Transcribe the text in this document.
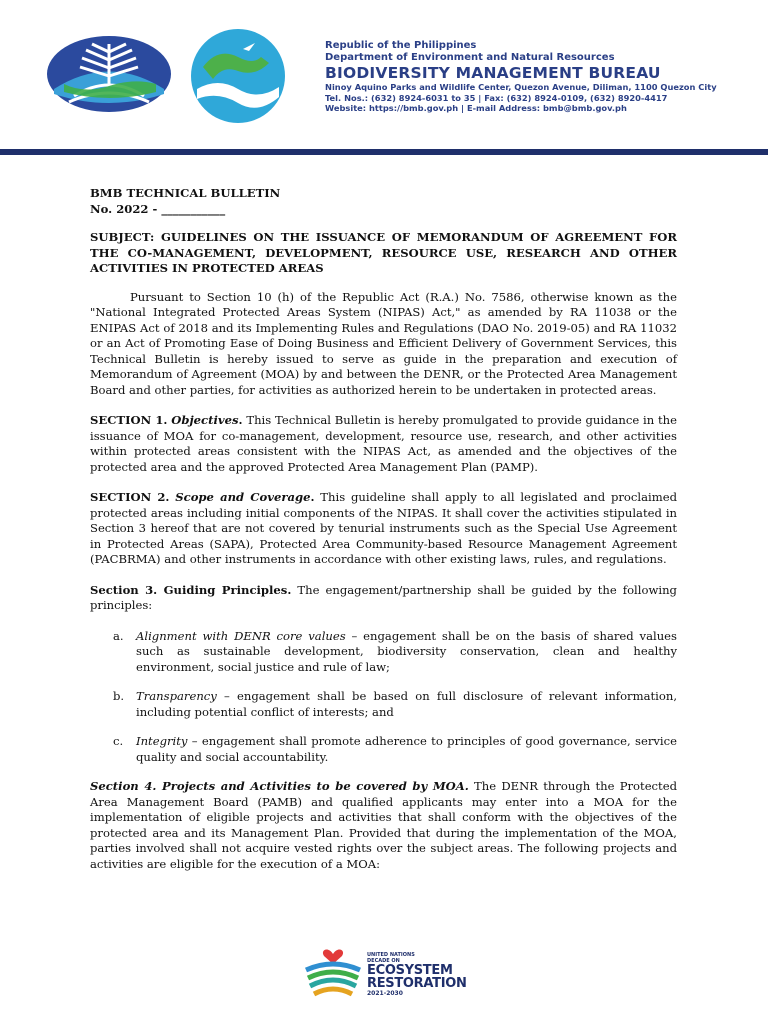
Republic of the Philippines
Department of Environment and Natural Resources
BIODIVERSITY MANAGEMENT BUREAU
Ninoy Aquino Parks and Wildlife Center, Quezon Avenue, Diliman, 1100 Quezon City
Tel. Nos.: (632) 8924-6031 to 35 | Fax: (632) 8924-0109, (632) 8920-4417
Website: https://bmb.gov.ph | E-mail Address: bmb@bmb.gov.ph

BMB TECHNICAL BULLETIN
No. 2022 - ___________

SUBJECT: GUIDELINES ON THE ISSUANCE OF MEMORANDUM OF AGREEMENT FOR THE CO-MANAGEMENT, DEVELOPMENT, RESOURCE USE, RESEARCH AND OTHER ACTIVITIES IN PROTECTED AREAS

Pursuant to Section 10 (h) of the Republic Act (R.A.) No. 7586, otherwise known as the "National Integrated Protected Areas System (NIPAS) Act," as amended by RA 11038 or the ENIPAS Act of 2018 and its Implementing Rules and Regulations (DAO No. 2019-05) and RA 11032 or an Act of Promoting Ease of Doing Business and Efficient Delivery of Government Services, this Technical Bulletin is hereby issued to serve as guide in the preparation and execution of Memorandum of Agreement (MOA) by and between the DENR, or the Protected Area Management Board and other parties, for activities as authorized herein to be undertaken in protected areas.

SECTION 1. Objectives. This Technical Bulletin is hereby promulgated to provide guidance in the issuance of MOA for co-management, development, resource use, research, and other activities within protected areas consistent with the NIPAS Act, as amended and the objectives of the protected area and the approved Protected Area Management Plan (PAMP).

SECTION 2. Scope and Coverage. This guideline shall apply to all legislated and proclaimed protected areas including initial components of the NIPAS. It shall cover the activities stipulated in Section 3 hereof that are not covered by tenurial instruments such as the Special Use Agreement in Protected Areas (SAPA), Protected Area Community-based Resource Management Agreement (PACBRMA) and other instruments in accordance with other existing laws, rules, and regulations.

Section 3. Guiding Principles. The engagement/partnership shall be guided by the following principles:

a. Alignment with DENR core values – engagement shall be on the basis of shared values such as sustainable development, biodiversity conservation, clean and healthy environment, social justice and rule of law;
b. Transparency – engagement shall be based on full disclosure of relevant information, including potential conflict of interests; and
c. Integrity – engagement shall promote adherence to principles of good governance, service quality and social accountability.

Section 4. Projects and Activities to be covered by MOA. The DENR through the Protected Area Management Board (PAMB) and qualified applicants may enter into a MOA for the implementation of eligible projects and activities that shall conform with the objectives of the protected area and its Management Plan. Provided that during the implementation of the MOA, parties involved shall not acquire vested rights over the subject areas. The following projects and activities are eligible for the execution of a MOA:

UNITED NATIONS DECADE ON
ECOSYSTEM
RESTORATION
2021-2030
